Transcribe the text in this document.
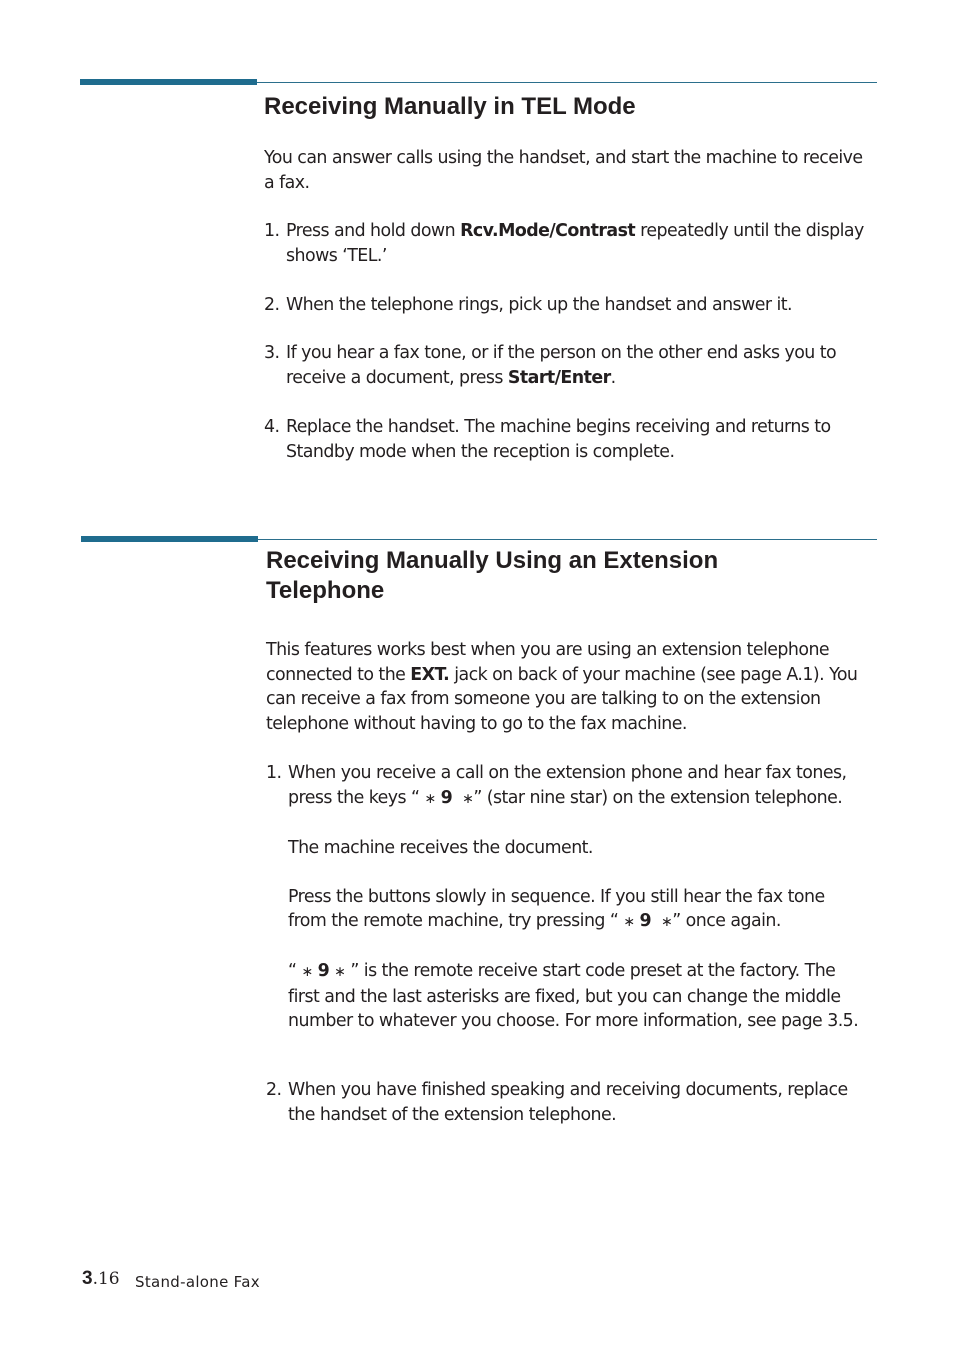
Receiving Manually in TEL Mode
You can answer calls using the handset, and start the machine to receive
a fax.
1. Press and hold down Rcv.Mode/Contrast repeatedly until the display
shows ‘TEL.’
2. When the telephone rings, pick up the handset and answer it.
3. If you hear a fax tone, or if the person on the other end asks you to
receive a document, press Start/Enter.
4. Replace the handset. The machine begins receiving and returns to
Standby mode when the reception is complete.
Receiving Manually Using an Extension
Telephone
This features works best when you are using an extension telephone
connected to the EXT. jack on back of your machine (see page A.1). You
can receive a fax from someone you are talking to on the extension
telephone without having to go to the fax machine.
1. When you receive a call on the extension phone and hear fax tones,
press the keys “ ∗ 9 ∗” (star nine star) on the extension telephone.
The machine receives the document.
Press the buttons slowly in sequence. If you still hear the fax tone
from the remote machine, try pressing “ ∗ 9 ∗” once again.
“ ∗ 9 ∗ ” is the remote receive start code preset at the factory. The
first and the last asterisks are fixed, but you can change the middle
number to whatever you choose. For more information, see page 3.5.
2. When you have finished speaking and receiving documents, replace
the handset of the extension telephone.
3.16 Stand-alone Fax
